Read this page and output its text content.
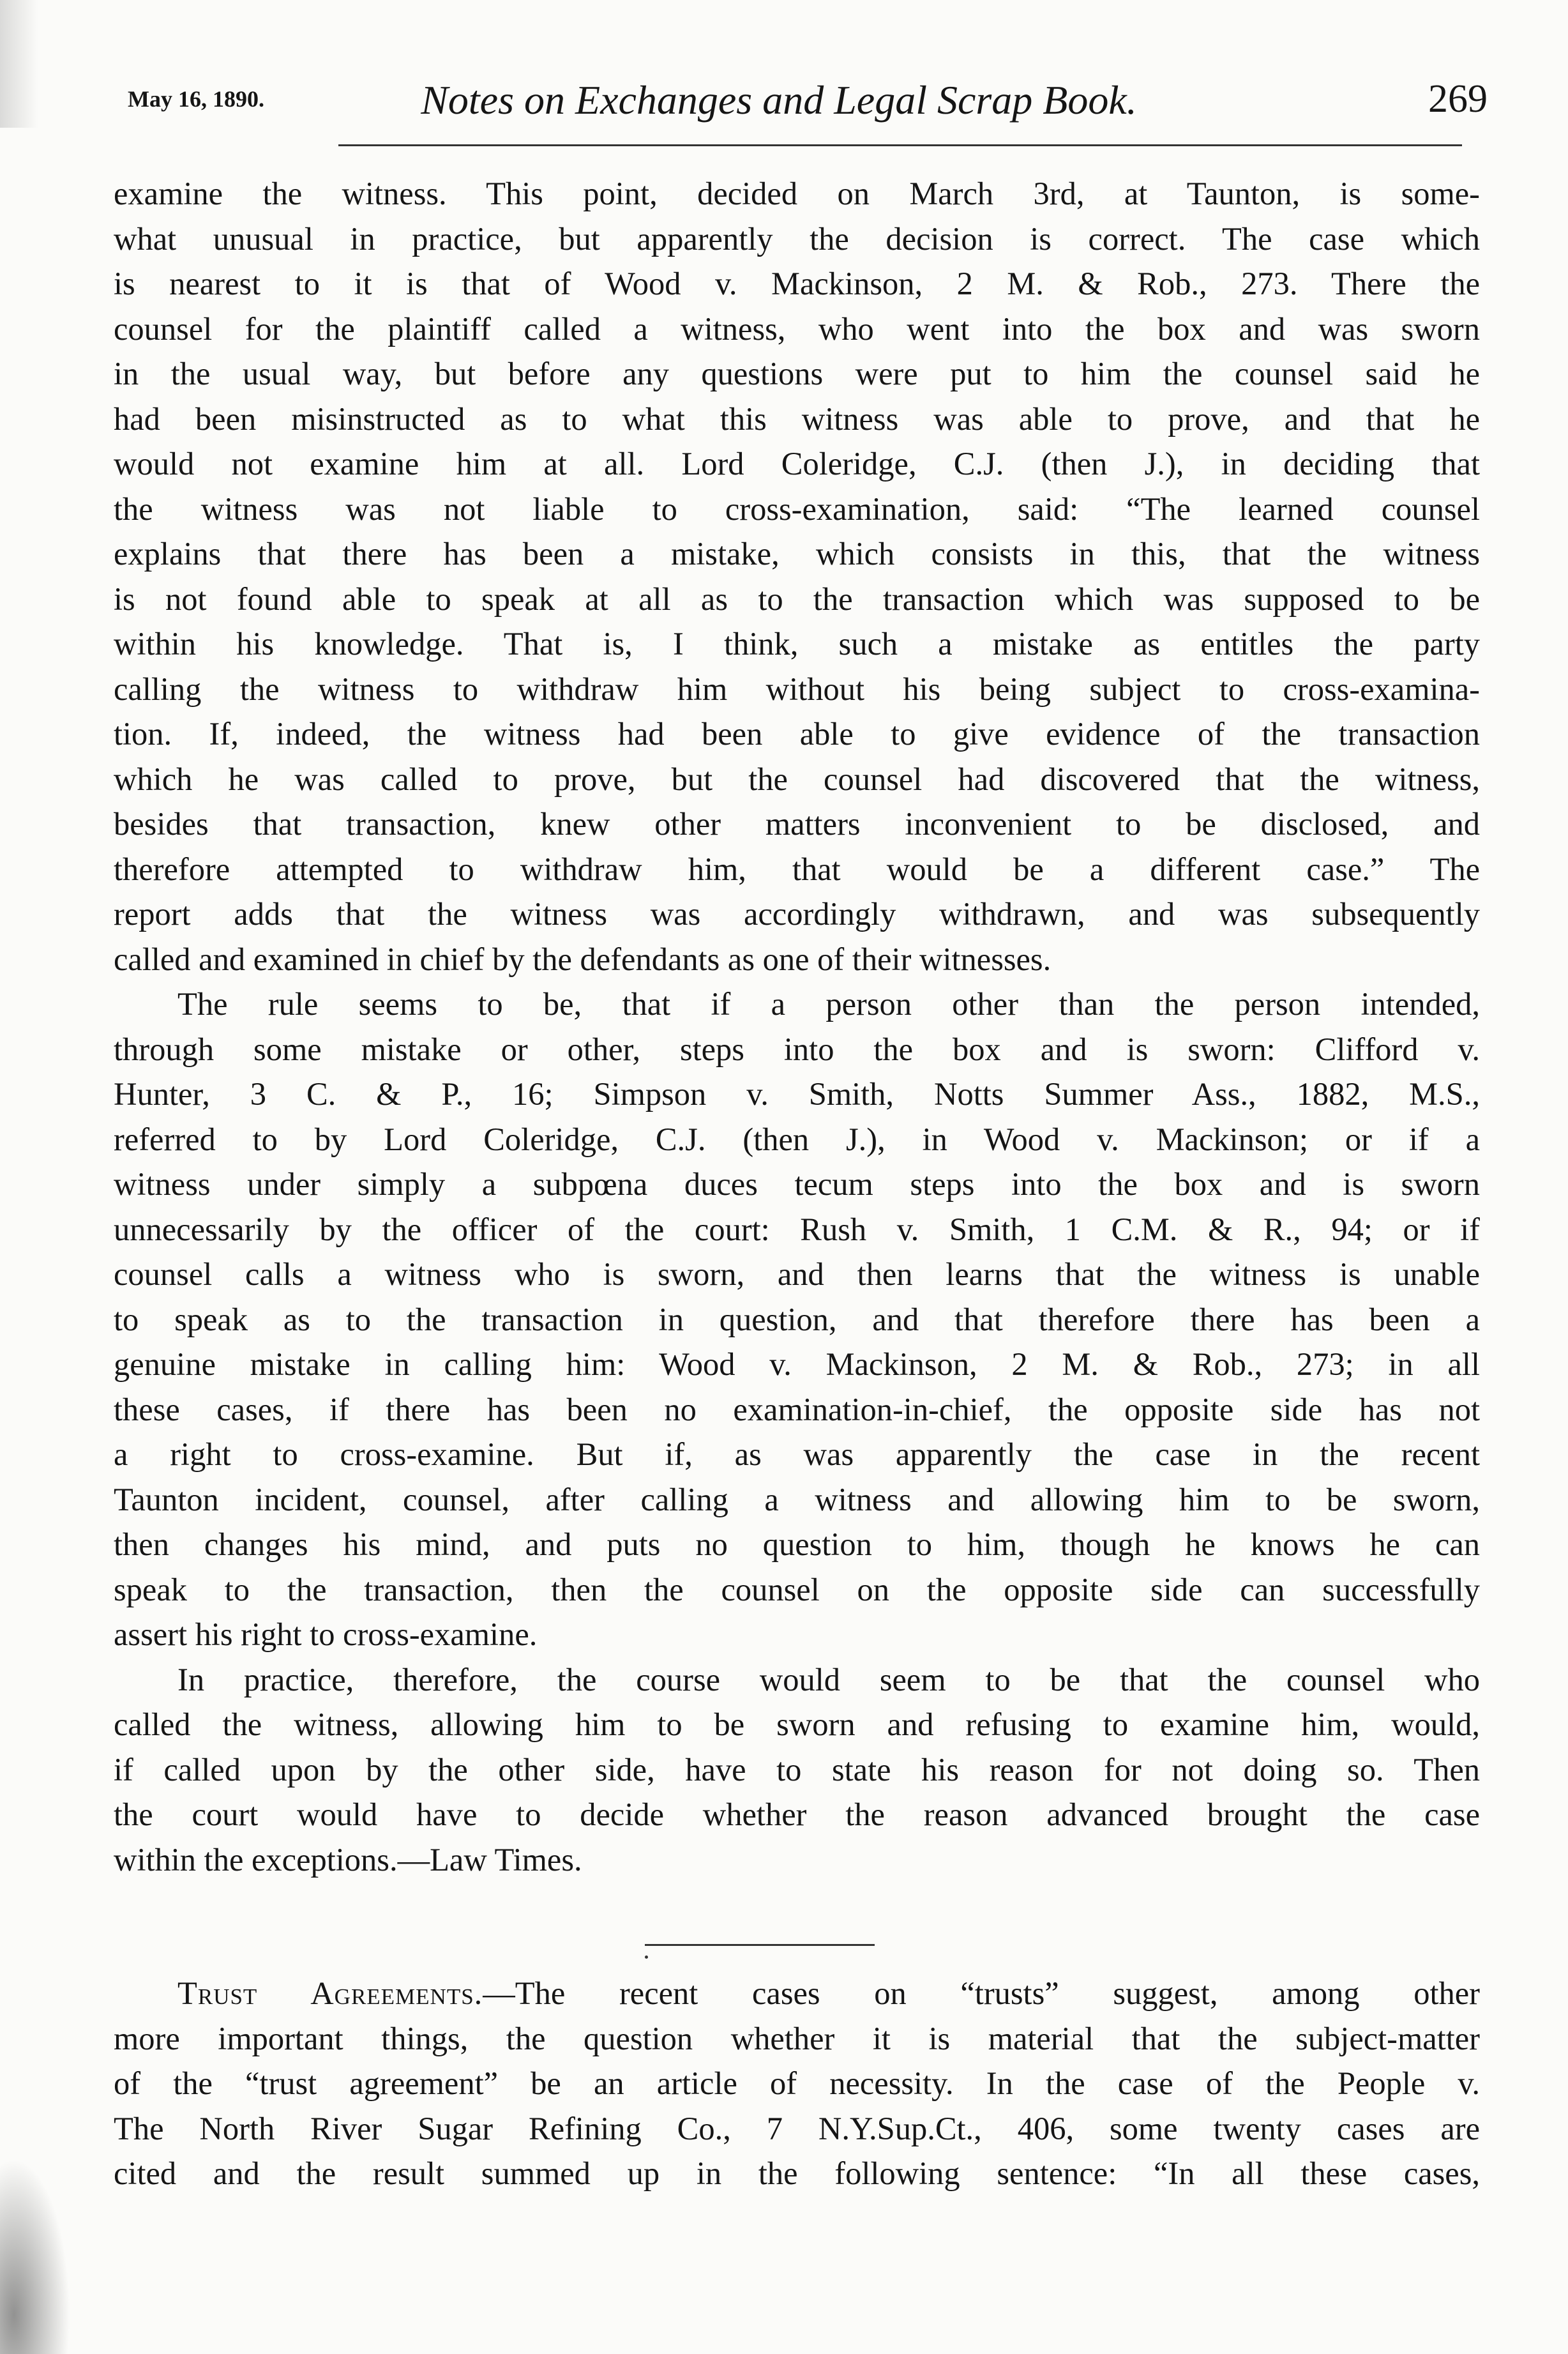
May 16, 1890.	Notes on Exchanges and Legal Scrap Book.	269
examine the witness. This point, decided on March 3rd, at Taunton, is some-
what unusual in practice, but apparently the decision is correct. The case which
is nearest to it is that of Wood v. Mackinson, 2 M. & Rob., 273. There the
counsel for the plaintiff called a witness, who went into the box and was sworn
in the usual way, but before any questions were put to him the counsel said he
had been misinstructed as to what this witness was able to prove, and that he
would not examine him at all. Lord Coleridge, C.J. (then J.), in deciding that
the witness was not liable to cross-examination, said: “The learned counsel
explains that there has been a mistake, which consists in this, that the witness
is not found able to speak at all as to the transaction which was supposed to be
within his knowledge. That is, I think, such a mistake as entitles the party
calling the witness to withdraw him without his being subject to cross-examina-
tion. If, indeed, the witness had been able to give evidence of the transaction
which he was called to prove, but the counsel had discovered that the witness,
besides that transaction, knew other matters inconvenient to be disclosed, and
therefore attempted to withdraw him, that would be a different case.” The
report adds that the witness was accordingly withdrawn, and was subsequently
called and examined in chief by the defendants as one of their witnesses.
The rule seems to be, that if a person other than the person intended,
through some mistake or other, steps into the box and is sworn: Clifford v.
Hunter, 3 C. & P., 16; Simpson v. Smith, Notts Summer Ass., 1882, M.S.,
referred to by Lord Coleridge, C.J. (then J.), in Wood v. Mackinson; or if a
witness under simply a subpœna duces tecum steps into the box and is sworn
unnecessarily by the officer of the court: Rush v. Smith, 1 C.M. & R., 94; or if
counsel calls a witness who is sworn, and then learns that the witness is unable
to speak as to the transaction in question, and that therefore there has been a
genuine mistake in calling him: Wood v. Mackinson, 2 M. & Rob., 273; in all
these cases, if there has been no examination-in-chief, the opposite side has not
a right to cross-examine. But if, as was apparently the case in the recent
Taunton incident, counsel, after calling a witness and allowing him to be sworn,
then changes his mind, and puts no question to him, though he knows he can
speak to the transaction, then the counsel on the opposite side can successfully
assert his right to cross-examine.
In practice, therefore, the course would seem to be that the counsel who
called the witness, allowing him to be sworn and refusing to examine him, would,
if called upon by the other side, have to state his reason for not doing so. Then
the court would have to decide whether the reason advanced brought the case
within the exceptions.—Law Times.
Trust Agreements.—The recent cases on “trusts” suggest, among other
more important things, the question whether it is material that the subject-matter
of the “trust agreement” be an article of necessity. In the case of the People v.
The North River Sugar Refining Co., 7 N.Y.Sup.Ct., 406, some twenty cases are
cited and the result summed up in the following sentence: “In all these cases,
